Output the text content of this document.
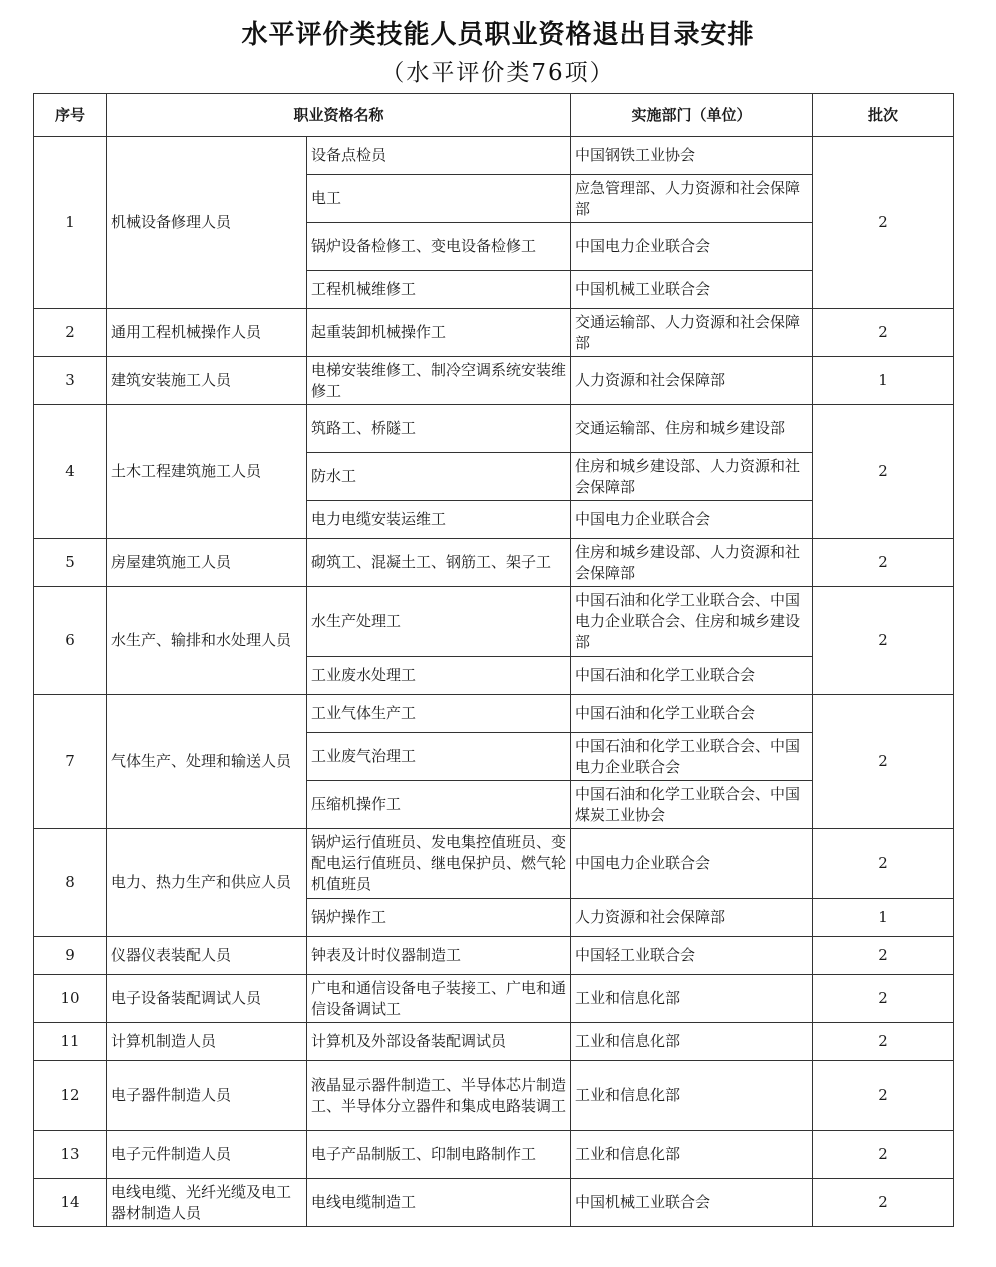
水平评价类技能人员职业资格退出目录安排
（水平评价类76项）
序号	职业资格名称		实施部门（单位）	批次
1	机械设备修理人员	设备点检员	中国钢铁工业协会	2
		电工	应急管理部、人力资源和社会保障部	
		锅炉设备检修工、变电设备检修工	中国电力企业联合会	
		工程机械维修工	中国机械工业联合会	
2	通用工程机械操作人员	起重装卸机械操作工	交通运输部、人力资源和社会保障部	2
3	建筑安装施工人员	电梯安装维修工、制冷空调系统安装维修工	人力资源和社会保障部	1
4	土木工程建筑施工人员	筑路工、桥隧工	交通运输部、住房和城乡建设部	2
		防水工	住房和城乡建设部、人力资源和社会保障部	
		电力电缆安装运维工	中国电力企业联合会	
5	房屋建筑施工人员	砌筑工、混凝土工、钢筋工、架子工	住房和城乡建设部、人力资源和社会保障部	2
6	水生产、输排和水处理人员	水生产处理工	中国石油和化学工业联合会、中国电力企业联合会、住房和城乡建设部	2
		工业废水处理工	中国石油和化学工业联合会	
7	气体生产、处理和输送人员	工业气体生产工	中国石油和化学工业联合会	2
		工业废气治理工	中国石油和化学工业联合会、中国电力企业联合会	
		压缩机操作工	中国石油和化学工业联合会、中国煤炭工业协会	
8	电力、热力生产和供应人员	锅炉运行值班员、发电集控值班员、变配电运行值班员、继电保护员、燃气轮机值班员	中国电力企业联合会	2
		锅炉操作工	人力资源和社会保障部	1
9	仪器仪表装配人员	钟表及计时仪器制造工	中国轻工业联合会	2
10	电子设备装配调试人员	广电和通信设备电子装接工、广电和通信设备调试工	工业和信息化部	2
11	计算机制造人员	计算机及外部设备装配调试员	工业和信息化部	2
12	电子器件制造人员	液晶显示器件制造工、半导体芯片制造工、半导体分立器件和集成电路装调工	工业和信息化部	2
13	电子元件制造人员	电子产品制版工、印制电路制作工	工业和信息化部	2
14	电线电缆、光纤光缆及电工器材制造人员	电线电缆制造工	中国机械工业联合会	2
